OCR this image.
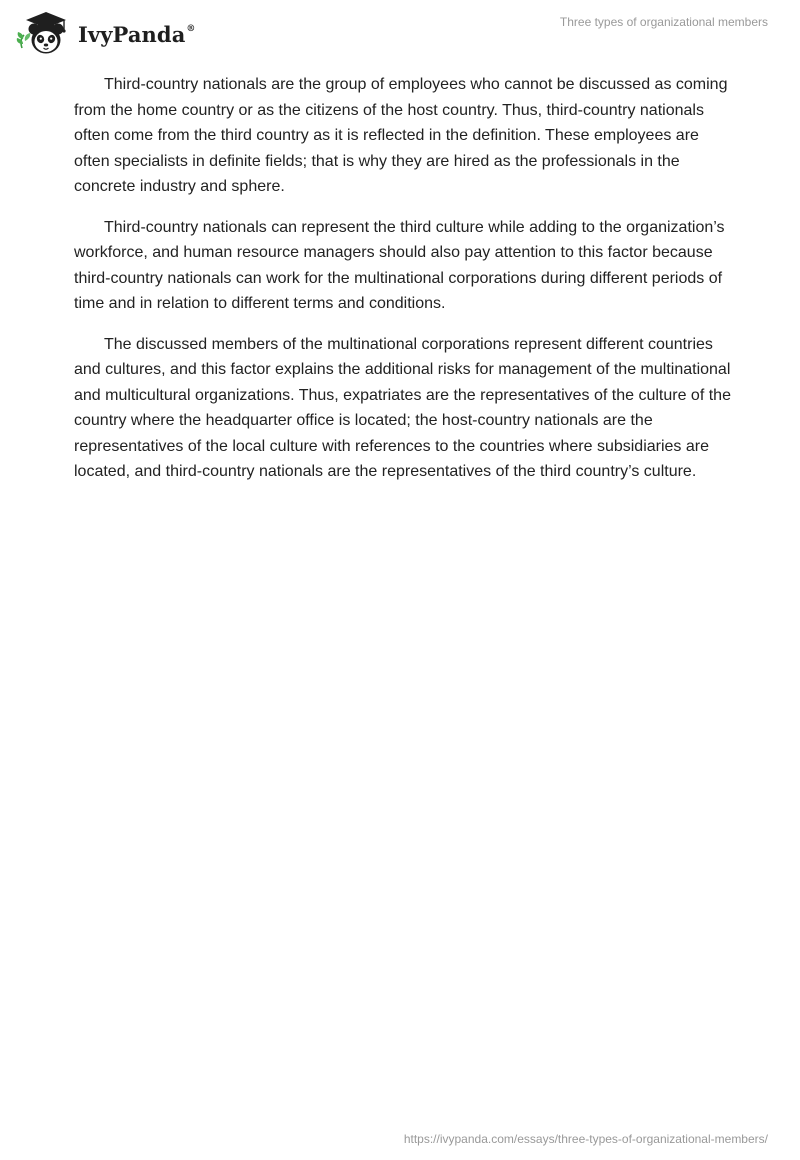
IvyPanda®	Three types of organizational members

Third-country nationals are the group of employees who cannot be discussed as coming from the home country or as the citizens of the host country. Thus, third-country nationals often come from the third country as it is reflected in the definition. These employees are often specialists in definite fields; that is why they are hired as the professionals in the concrete industry and sphere.

Third-country nationals can represent the third culture while adding to the organization’s workforce, and human resource managers should also pay attention to this factor because third-country nationals can work for the multinational corporations during different periods of time and in relation to different terms and conditions.

The discussed members of the multinational corporations represent different countries and cultures, and this factor explains the additional risks for management of the multinational and multicultural organizations. Thus, expatriates are the representatives of the culture of the country where the headquarter office is located; the host-country nationals are the representatives of the local culture with references to the countries where subsidiaries are located, and third-country nationals are the representatives of the third country’s culture.

https://ivypanda.com/essays/three-types-of-organizational-members/
